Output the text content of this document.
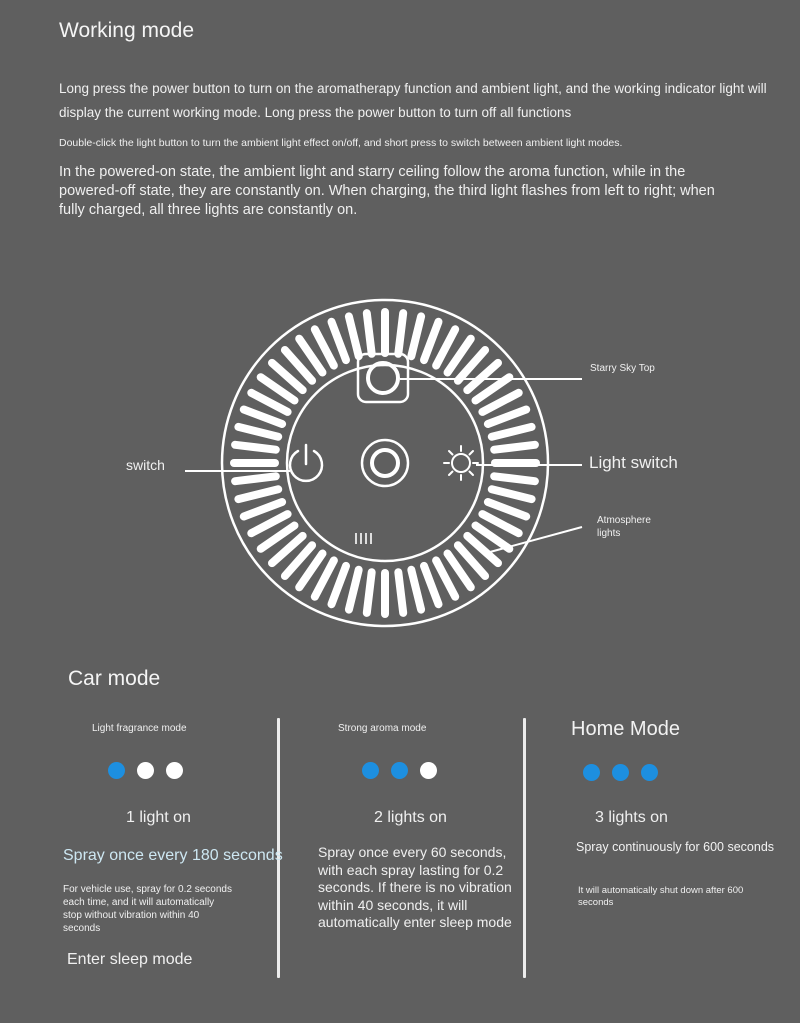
Working mode
Long press the power button to turn on the aromatherapy function and ambient light, and the working indicator light will display the current working mode. Long press the power button to turn off all functions
Double-click the light button to turn the ambient light effect on/off, and short press to switch between ambient light modes.
In the powered-on state, the ambient light and starry ceiling follow the aroma function, while in the powered-off state, they are constantly on. When charging, the third light flashes from left to right; when fully charged, all three lights are constantly on.
Starry Sky Top
switch	Light switch
Atmosphere
lights
Car mode
Light fragrance mode
1 light on
Spray once every 180 seconds
For vehicle use, spray for 0.2 seconds each time, and it will automatically stop without vibration within 40 seconds
Enter sleep mode
Strong aroma mode
2 lights on
Spray once every 60 seconds, with each spray lasting for 0.2 seconds. If there is no vibration within 40 seconds, it will automatically enter sleep mode
Home Mode
3 lights on
Spray continuously for 600 seconds
It will automatically shut down after 600 seconds
